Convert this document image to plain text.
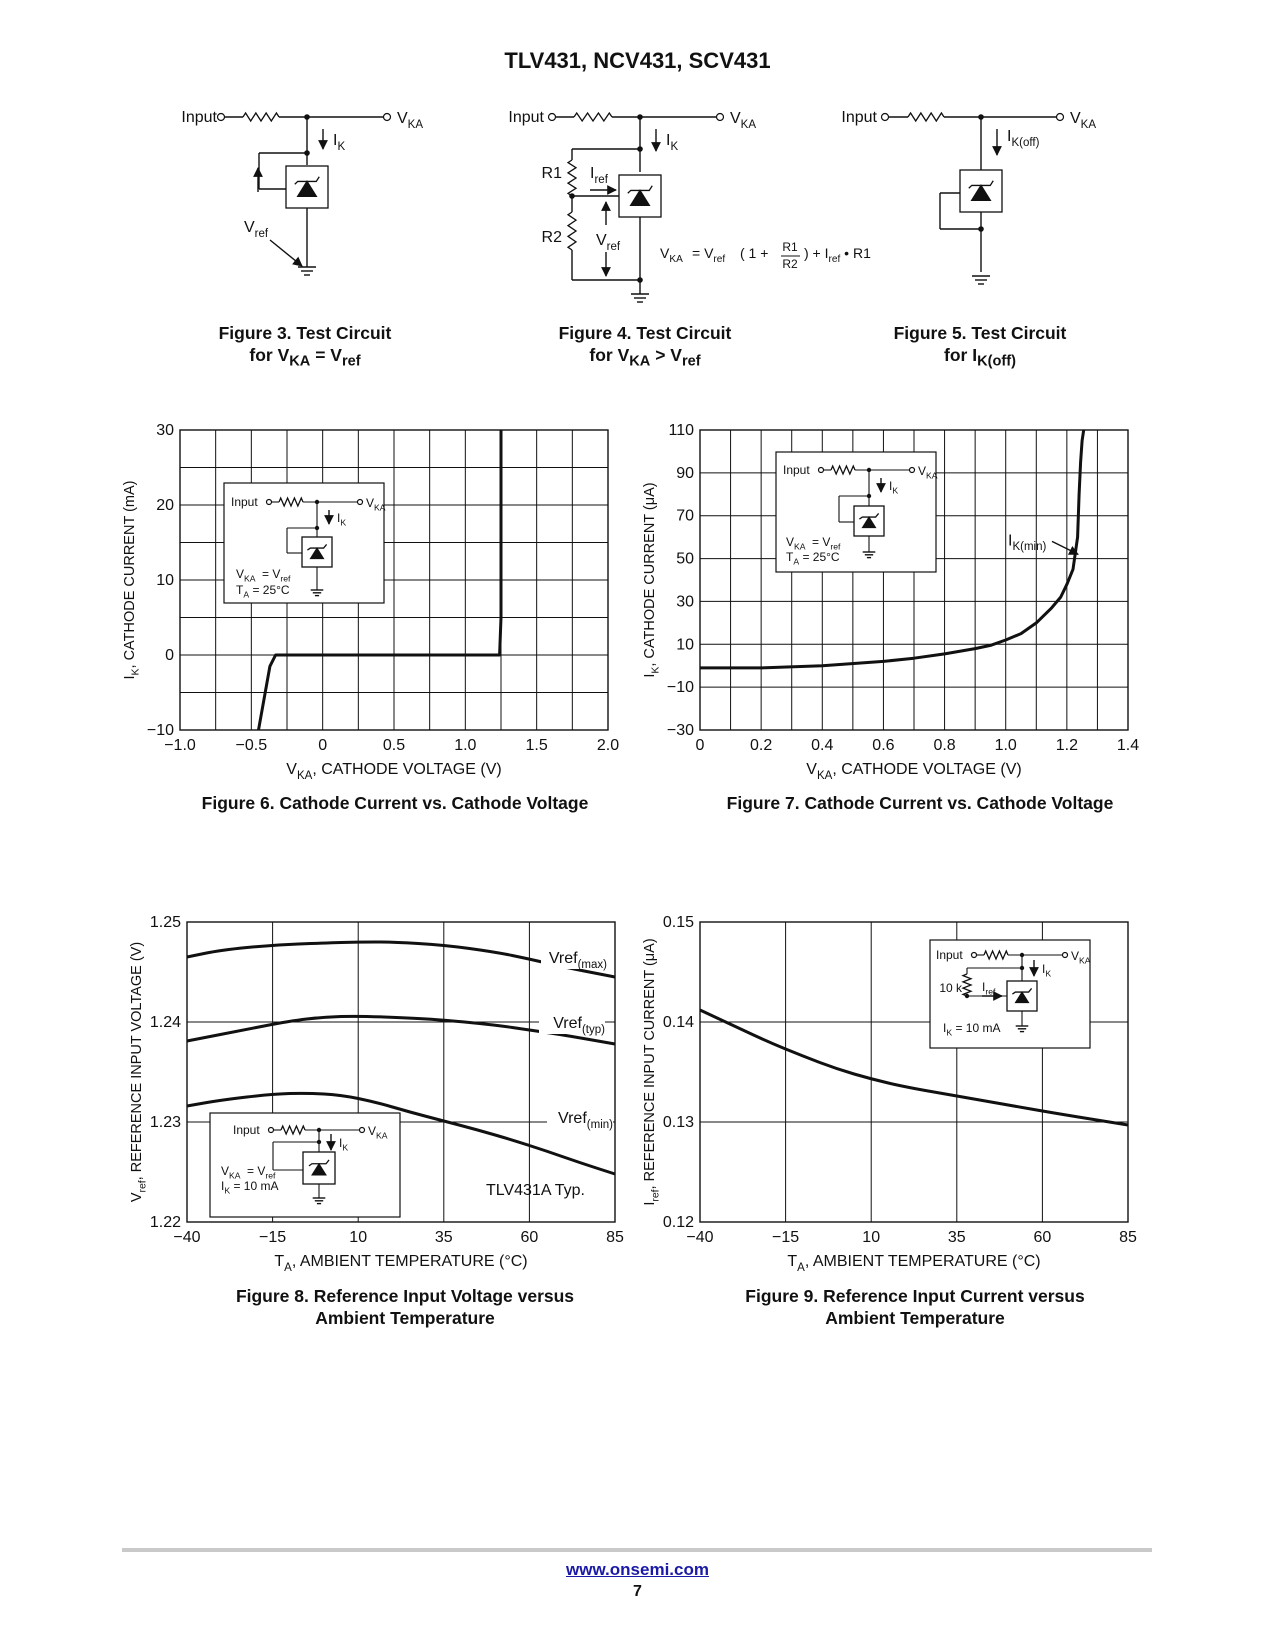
TLV431, NCV431, SCV431
Input	$V_{KA}$
$I_K$
$V_{ref}$
Input	$V_{KA}$
$I_K$
R1
R2
$I_{ref}$
$V_{ref}$	$V_{KA} = V_{ref}$ ( 1 + R1
R2
) + $I_{ref}$ • R1
Input	$V_{KA}$
$I_{K(off)}$
−1.0 −0.5	0	0.5	1.0	1.5	2.0
−10
0
10
20
30
$V_{KA}$, CATHODE VOLTAGE (V)
$I_K$, CATHODE CURRENT (mA)	Input	$V_{KA}$
$I_K$
$V_{KA} = V_{ref}$
$T_A = 25^\circ C$
0	0.2 0.4 0.6 0.8 1.0 1.2 1.4
−30
−10
10
30
50
70
90
110
$V_{KA}$, CATHODE VOLTAGE (V)
$I_K$, CATHODE CURRENT (μA)	$I_{K(min)}$
Input	$V_{KA}$
$I_K$
$V_{KA} = V_{ref}$
$T_A = 25^\circ C$
−40	−15	10	35	60	85
1.22
1.23
1.24
1.25
$T_A$, AMBIENT TEMPERATURE (°C)
$V_{ref}$, REFERENCE INPUT VOLTAGE (V)	Vref$_{(max)}$
Vref$_{(typ)}$
Vref$_{(min)}$
TLV431A Typ.
Input	$V_{KA}$
$I_K$
$V_{KA} = V_{ref}$
$I_K = 10$ mA
−40	−15	10	35	60	85
0.12
0.13
0.14
0.15
$T_A$, AMBIENT TEMPERATURE (°C)
$I_{ref}$, REFERENCE INPUT CURRENT (μA)	Input	$V_{KA}$
$I_K$
10 k $I_{ref}$
$I_K = 10$ mA
Figure 3. Test Circuit
for $V_{KA} = V_{ref}$
Figure 4. Test Circuit
for $V_{KA} > V_{ref}$
Figure 5. Test Circuit
for $I_{K(off)}$
Figure 6. Cathode Current vs. Cathode Voltage	Figure 7. Cathode Current vs. Cathode Voltage
Figure 8. Reference Input Voltage versus
Ambient Temperature
Figure 9. Reference Input Current versus
Ambient Temperature
www.onsemi.com
7
